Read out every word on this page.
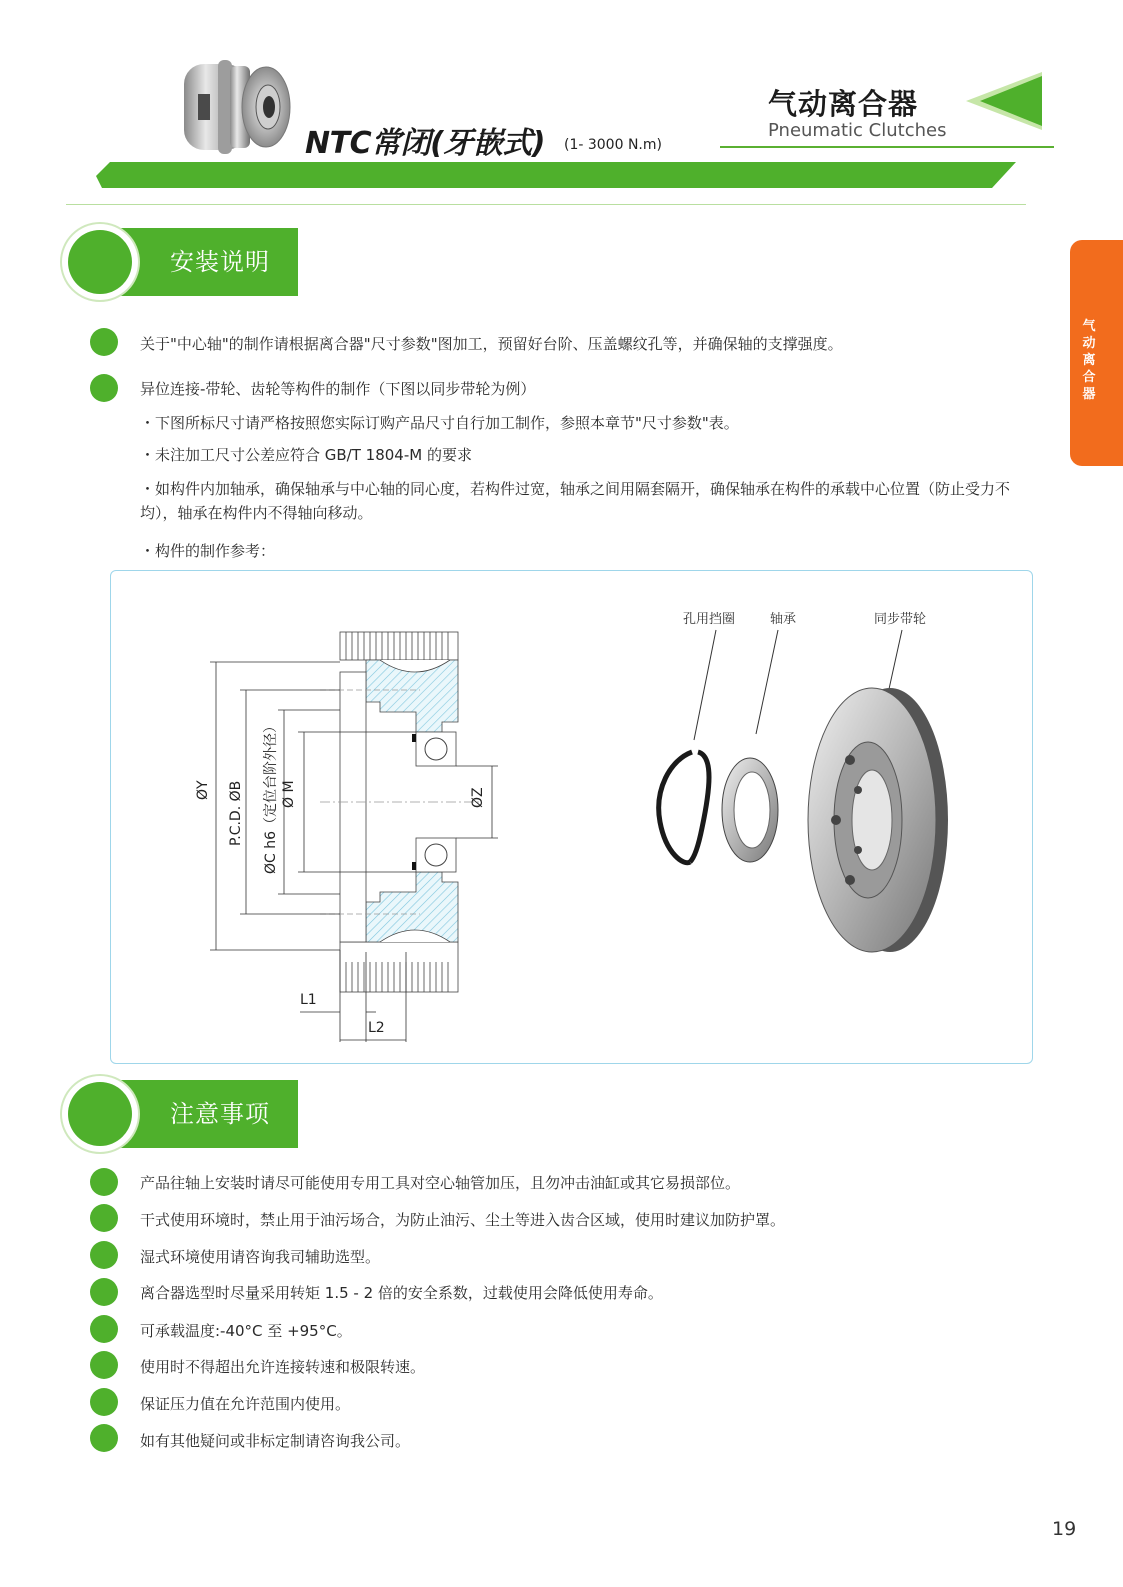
NTC常闭(牙嵌式) (1- 3000 N.m)
气动离合器
Pneumatic Clutches
气动离合器
安装说明
关于"中心轴"的制作请根据离合器"尺寸参数"图加工，预留好台阶、压盖螺纹孔等，并确保轴的支撑强度。
异位连接-带轮、齿轮等构件的制作（下图以同步带轮为例）
・下图所标尺寸请严格按照您实际订购产品尺寸自行加工制作，参照本章节"尺寸参数"表。
・未注加工尺寸公差应符合 GB/T 1804-M 的要求
・如构件内加轴承，确保轴承与中心轴的同心度，若构件过宽，轴承之间用隔套隔开，确保轴承在构件的承载中心位置（防止受力不均），轴承在构件内不得轴向移动。
・构件的制作参考：
ØY P.C.D. ØB ØC h6（定位台阶外径） Ø M	ØZ
L1
L2
孔用挡圈	轴承	同步带轮
注意事项
产品往轴上安装时请尽可能使用专用工具对空心轴管加压，且勿冲击油缸或其它易损部位。
干式使用环境时，禁止用于油污场合，为防止油污、尘土等进入齿合区域，使用时建议加防护罩。
湿式环境使用请咨询我司辅助选型。
离合器选型时尽量采用转矩 1.5 - 2 倍的安全系数，过载使用会降低使用寿命。
可承载温度:-40°C 至 +95°C。
使用时不得超出允许连接转速和极限转速。
保证压力值在允许范围内使用。
如有其他疑问或非标定制请咨询我公司。
19
